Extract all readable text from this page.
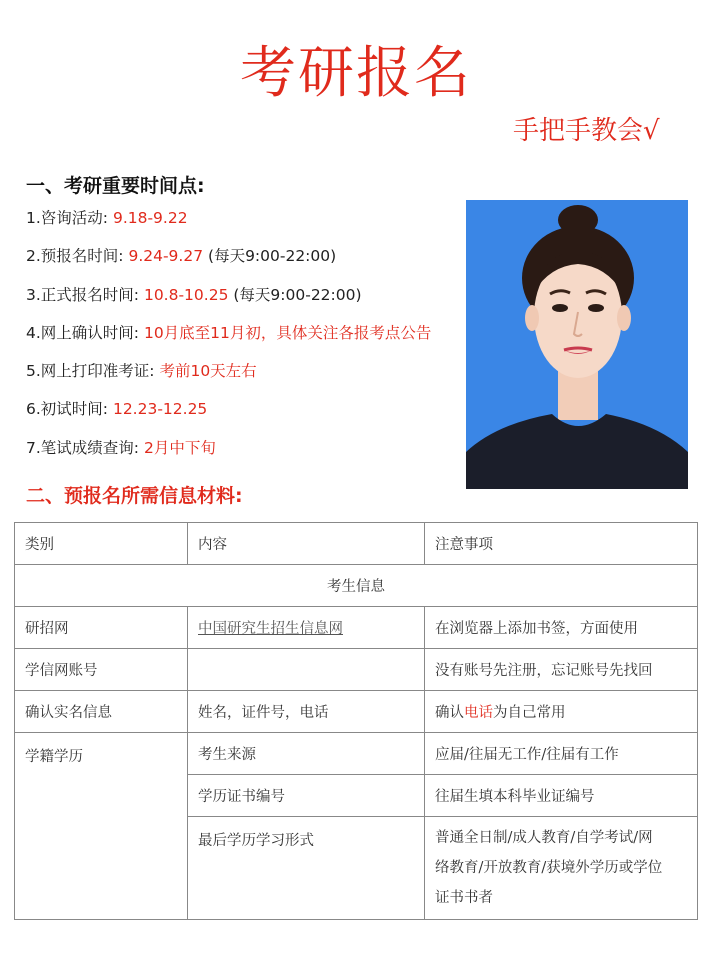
考研报名
手把手教会√
一、考研重要时间点:
1.咨询活动: 9.18-9.22
2.预报名时间: 9.24-9.27 (每天9:00-22:00)
3.正式报名时间: 10.8-10.25 (每天9:00-22:00)
4.网上确认时间: 10月底至11月初，具体关注各报考点公告
5.网上打印准考证: 考前10天左右
6.初试时间: 12.23-12.25
7.笔试成绩查询: 2月中下旬
二、预报名所需信息材料:
类别	内容	注意事项
考生信息		
研招网	中国研究生招生信息网	在浏览器上添加书签，方面使用
学信网账号		没有账号先注册，忘记账号先找回
确认实名信息	姓名，证件号，电话	确认电话为自己常用
学籍学历	考生来源	应届/往届无工作/往届有工作
	学历证书编号	往届生填本科毕业证编号
	最后学历学习形式	普通全日制/成人教育/自学考试/网
络教育/开放教育/获境外学历或学位
证书书者
